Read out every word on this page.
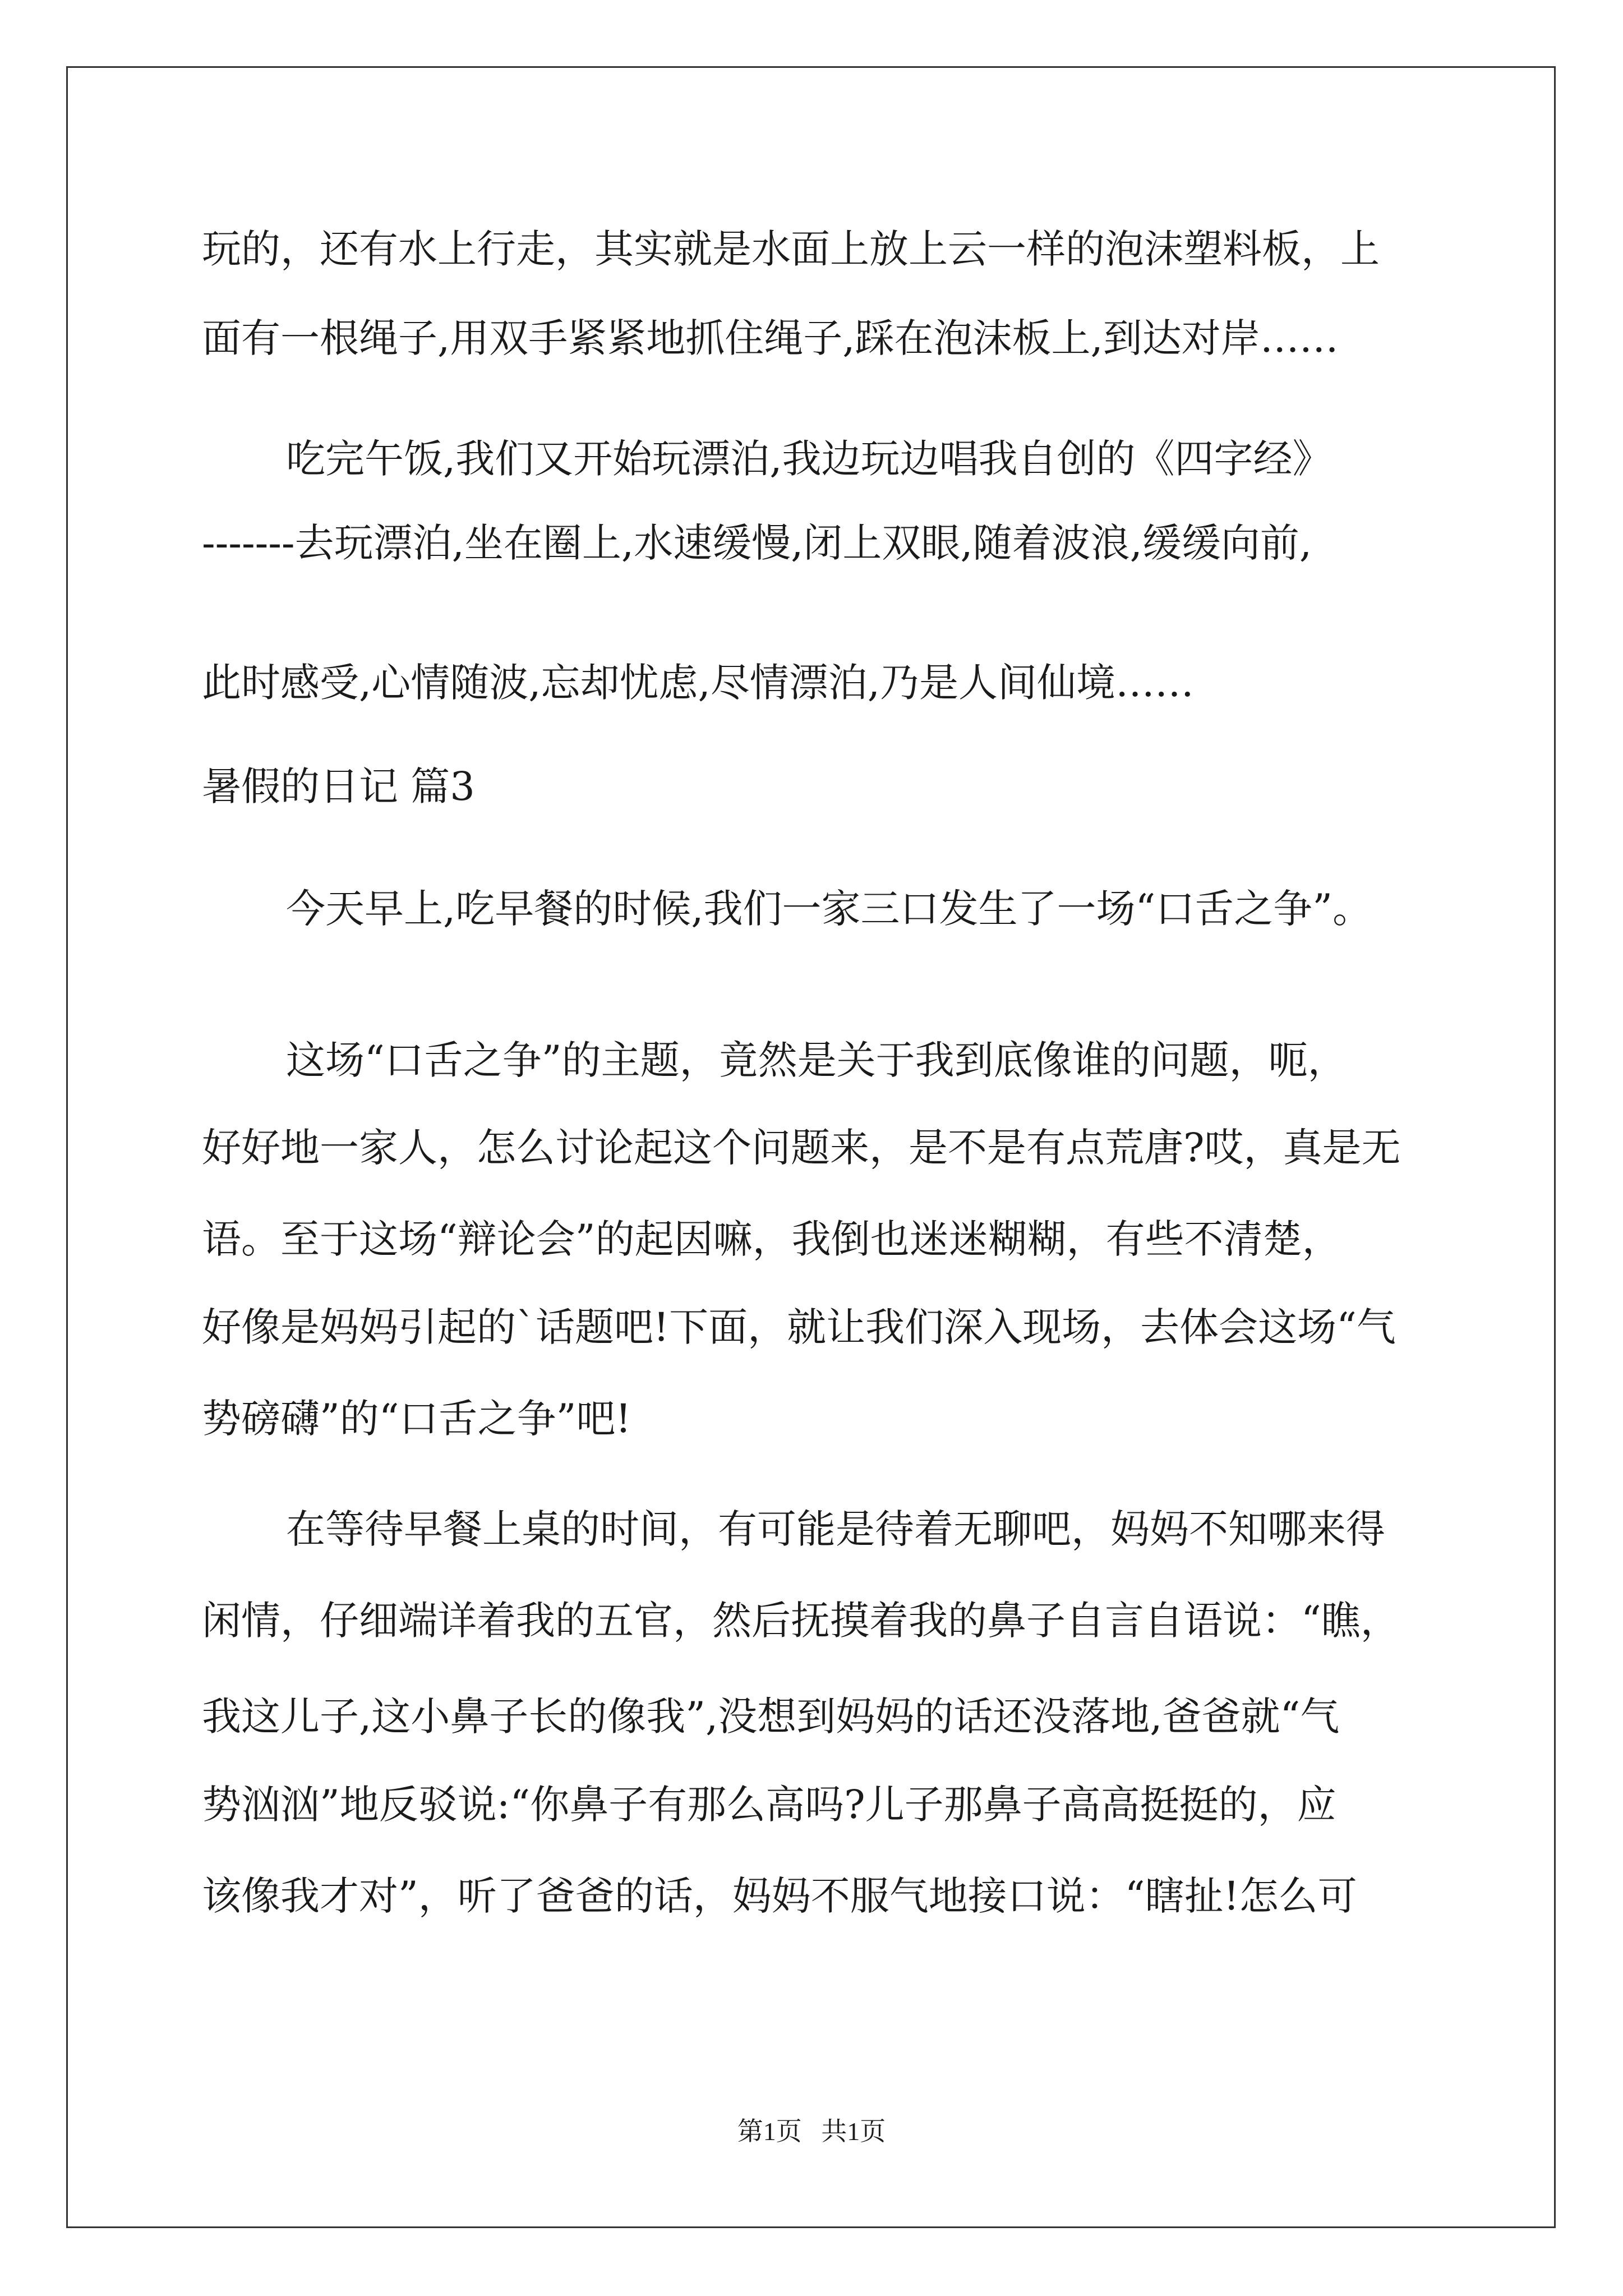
玩的，还有水上行走，其实就是水面上放上云一样的泡沫塑料板，上
面有一根绳子,用双手紧紧地抓住绳子,踩在泡沫板上,到达对岸……
吃完午饭,我们又开始玩漂泊,我边玩边唱我自创的《四字经》
-------去玩漂泊,坐在圈上,水速缓慢,闭上双眼,随着波浪,缓缓向前,
此时感受,心情随波,忘却忧虑,尽情漂泊,乃是人间仙境……
暑假的日记 篇3
今天早上,吃早餐的时候,我们一家三口发生了一场“口舌之争”。
这场“口舌之争”的主题，竟然是关于我到底像谁的问题，呃，
好好地一家人，怎么讨论起这个问题来，是不是有点荒唐?哎，真是无
语。至于这场“辩论会”的起因嘛，我倒也迷迷糊糊，有些不清楚，
好像是妈妈引起的`话题吧!下面，就让我们深入现场，去体会这场“气
势磅礴”的“口舌之争”吧!
在等待早餐上桌的时间，有可能是待着无聊吧，妈妈不知哪来得
闲情，仔细端详着我的五官，然后抚摸着我的鼻子自言自语说：“瞧，
我这儿子,这小鼻子长的像我”,没想到妈妈的话还没落地,爸爸就“气
势汹汹”地反驳说:“你鼻子有那么高吗?儿子那鼻子高高挺挺的，应
该像我才对”，听了爸爸的话，妈妈不服气地接口说：“瞎扯!怎么可
第1页   共1页
